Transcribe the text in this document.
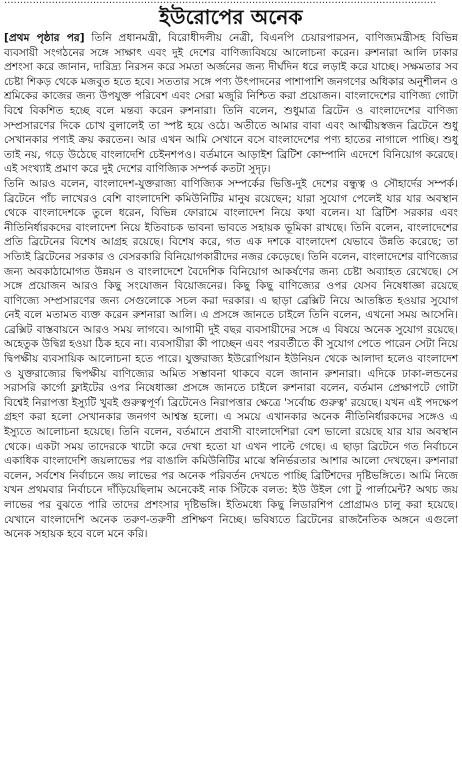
ইউরোপের অনেক

[প্রথম পৃষ্ঠার পর] তিনি প্রধানমন্ত্রী, বিরোধীদলীয় নেত্রী, বিএনপি চেয়ারপারসন, বাণিজ্যমন্ত্রীসহ বিভিন্ন ব্যবসায়ী সংগঠনের সঙ্গে সাক্ষাৎ এবং দুই দেশের বাণিজ্যবিষয়ে আলোচনা করেন। রুশনারা আলি ঢাকার প্রশংসা করে জানান, দারিদ্র্য নিরসন করে সমতা অর্জনের জন্য দীর্ঘদিন ধরে লড়াই করে যাচ্ছে। সক্ষমতার সব চেষ্টা শিকড় থেকে মজবুত হতে হবে। সততার সঙ্গে পণ্য উৎপাদনের পাশাপাশি জনগণের অধিকার অনুশীলন ও শ্রমিকের কাজের জন্য উপযুক্ত পরিবেশ এবং সেরা মজুরি নিশ্চিত করা প্রয়োজন। বাংলাদেশের বাণিজ্য গোটা বিশ্বে বিকশিত হচ্ছে বলে মন্তব্য করেন রুশনারা। তিনি বলেন, শুধুমাত্র ব্রিটেন ও বাংলাদেশের বাণিজ্য সম্প্রসারণের দিকে চোখ বুলালেই তা স্পষ্ট হয়ে ওঠে। অতীতে আমার বাবা এবং আত্মীয়স্বজন ব্রিটেনে শুধু সেখানকার পণ্যই ক্রয় করতেন। আর এখন আমি সেখানে বসে বাংলাদেশের পণ্য হাতের নাগালে পাচ্ছি। শুধু তাই নয়, গড়ে উঠেছে বাংলাদেশি চেইনশপও। বর্তমানে আড়াইশ ব্রিটিশ কোম্পানি এদেশে বিনিয়োগ করেছে। এই সংখ্যাই প্রমাণ করে দুই দেশের বাণিজ্যিক সম্পর্ক কতটা সুদৃঢ়।

তিনি আরও বলেন, বাংলাদেশ-যুক্তরাজ্য বাণিজ্যিক সম্পর্কের ভিত্তি-দুই দেশের বন্ধুত্ব ও সৌহার্দের সম্পর্ক। ব্রিটেনে পাঁচ লাখেরও বেশি বাংলাদেশি কমিউনিটির মানুষ রয়েছেন; যারা সুযোগ পেলেই যার যার অবস্থান থেকে বাংলাদেশকে তুলে ধরেন, বিভিন্ন ফোরামে বাংলাদেশ নিয়ে কথা বলেন। যা ব্রিটিশ সরকার এবং নীতিনির্ধারকদের বাংলাদেশ নিয়ে ইতিবাচক ভাবনা ভাবতে সহায়ক ভূমিকা রাখছে। তিনি বলেন, বাংলাদেশের প্রতি ব্রিটেনের বিশেষ আগ্রহ রয়েছে। বিশেষ করে, গত এক দশকে বাংলাদেশ যেভাবে উন্নতি করেছে; তা সত্যিই ব্রিটেনের সরকার ও বেসরকারি বিনিয়োগকারীদের নজর কেড়েছে। তিনি বলেন, বাংলাদেশের বাণিজ্যের জন্য অবকাঠামোগত উন্নয়ন ও বাংলাদেশে বৈদেশিক বিনিয়োগ আকর্ষণের জন্য চেষ্টা অব্যাহত রেখেছে। সে সঙ্গে প্রয়োজন আরও কিছু সংযোজন বিয়োজনের। কিছু কিছু বাণিজ্যের ওপর যেসব নিষেধাজ্ঞা রয়েছে বাণিজ্যে সম্প্রসারণের জন্য সেগুলোকে সচল করা দরকার। এ ছাড়া ব্রেক্সিট নিয়ে আতঙ্কিত হওয়ার সুযোগ নেই বলে মতামত ব্যক্ত করেন রুশনারা আলি। এ প্রসঙ্গে জানতে চাইলে তিনি বলেন, এখনো সময় আসেনি। ব্রেক্সিট বাস্তবায়নে আরও সময় লাগবে। আগামী দুই বছর ব্যবসায়ীদের সঙ্গে এ বিষয়ে অনেক সুযোগ রয়েছে। অহেতুক উদ্বিগ্ন হওয়া ঠিক হবে না। ব্যবসায়ীরা কী পাচ্ছেন এবং পরবর্তীতে কী সুযোগ পেতে পারেন সেটা নিয়ে দ্বিপক্ষীয় ব্যবসায়িক আলোচনা হতে পারে। যুক্তরাজ্য ইউরোপিয়ান ইউনিয়ন থেকে আলাদা হলেও বাংলাদেশ ও যুক্তরাজ্যের দ্বিপক্ষীয় বাণিজ্যের অমিত সম্ভাবনা থাকবে বলে জানান রুশনারা। এদিকে ঢাকা-লন্ডনের সরাসরি কার্গো ফ্লাইটের ওপর নিষেধাজ্ঞা প্রসঙ্গে জানতে চাইলে রুশনারা বলেন, বর্তমান প্রেক্ষাপটে গোটা বিশ্বেই নিরাপত্তা ইস্যুটি খুবই গুরুত্বপূর্ণ। ব্রিটেনেও নিরাপত্তার ক্ষেত্রে 'সর্বোচ্চ গুরুত্ব' রয়েছে। যখন এই পদক্ষেপ গ্রহণ করা হলো সেখানকার জনগণ আশ্বস্ত হলো। এ সময়ে এখানকার অনেক নীতিনির্ধারকদের সঙ্গেও এ ইস্যুতে আলোচনা হয়েছে। তিনি বলেন, বর্তমানে প্রবাসী বাংলাদেশিরা বেশ ভালো রয়েছে যার যার অবস্থান থেকে। একটা সময় তাদেরকে খাটো করে দেখা হতো যা এখন পাল্টে গেছে। এ ছাড়া ব্রিটেনে গত নির্বাচনে একাধিক বাংলাদেশি জয়লাভের পর বাঙালি কমিউনিটির মাঝে স্বনির্ভরতার আশার আলো দেখছেন। রুশনারা বলেন, সর্বশেষ নির্বাচনে জয় লাভের পর অনেক পরিবর্তন দেখতে পাচ্ছি ব্রিটিশদের দৃষ্টিভঙ্গিতে। আমি নিজে যখন প্রথমবার নির্বাচনে দাঁড়িয়েছিলাম অনেকেই নাক সিঁটকে বলত: ইউ উইল গো টু পার্লামেন্ট? অথচ জয় লাভের পর বুঝতে পারি তাদের প্রশংসার দৃষ্টিভঙ্গি। ইতিমধ্যে কিছু লিডারশিপ প্রোগ্রামও চালু করা হয়েছে। যেখানে বাংলাদেশি অনেক তরুণ-তরুণী প্রশিক্ষণ নিচ্ছে। ভবিষ্যতে ব্রিটেনের রাজনৈতিক অঙ্গনে এগুলো অনেক সহায়ক হবে বলে মনে করি।
